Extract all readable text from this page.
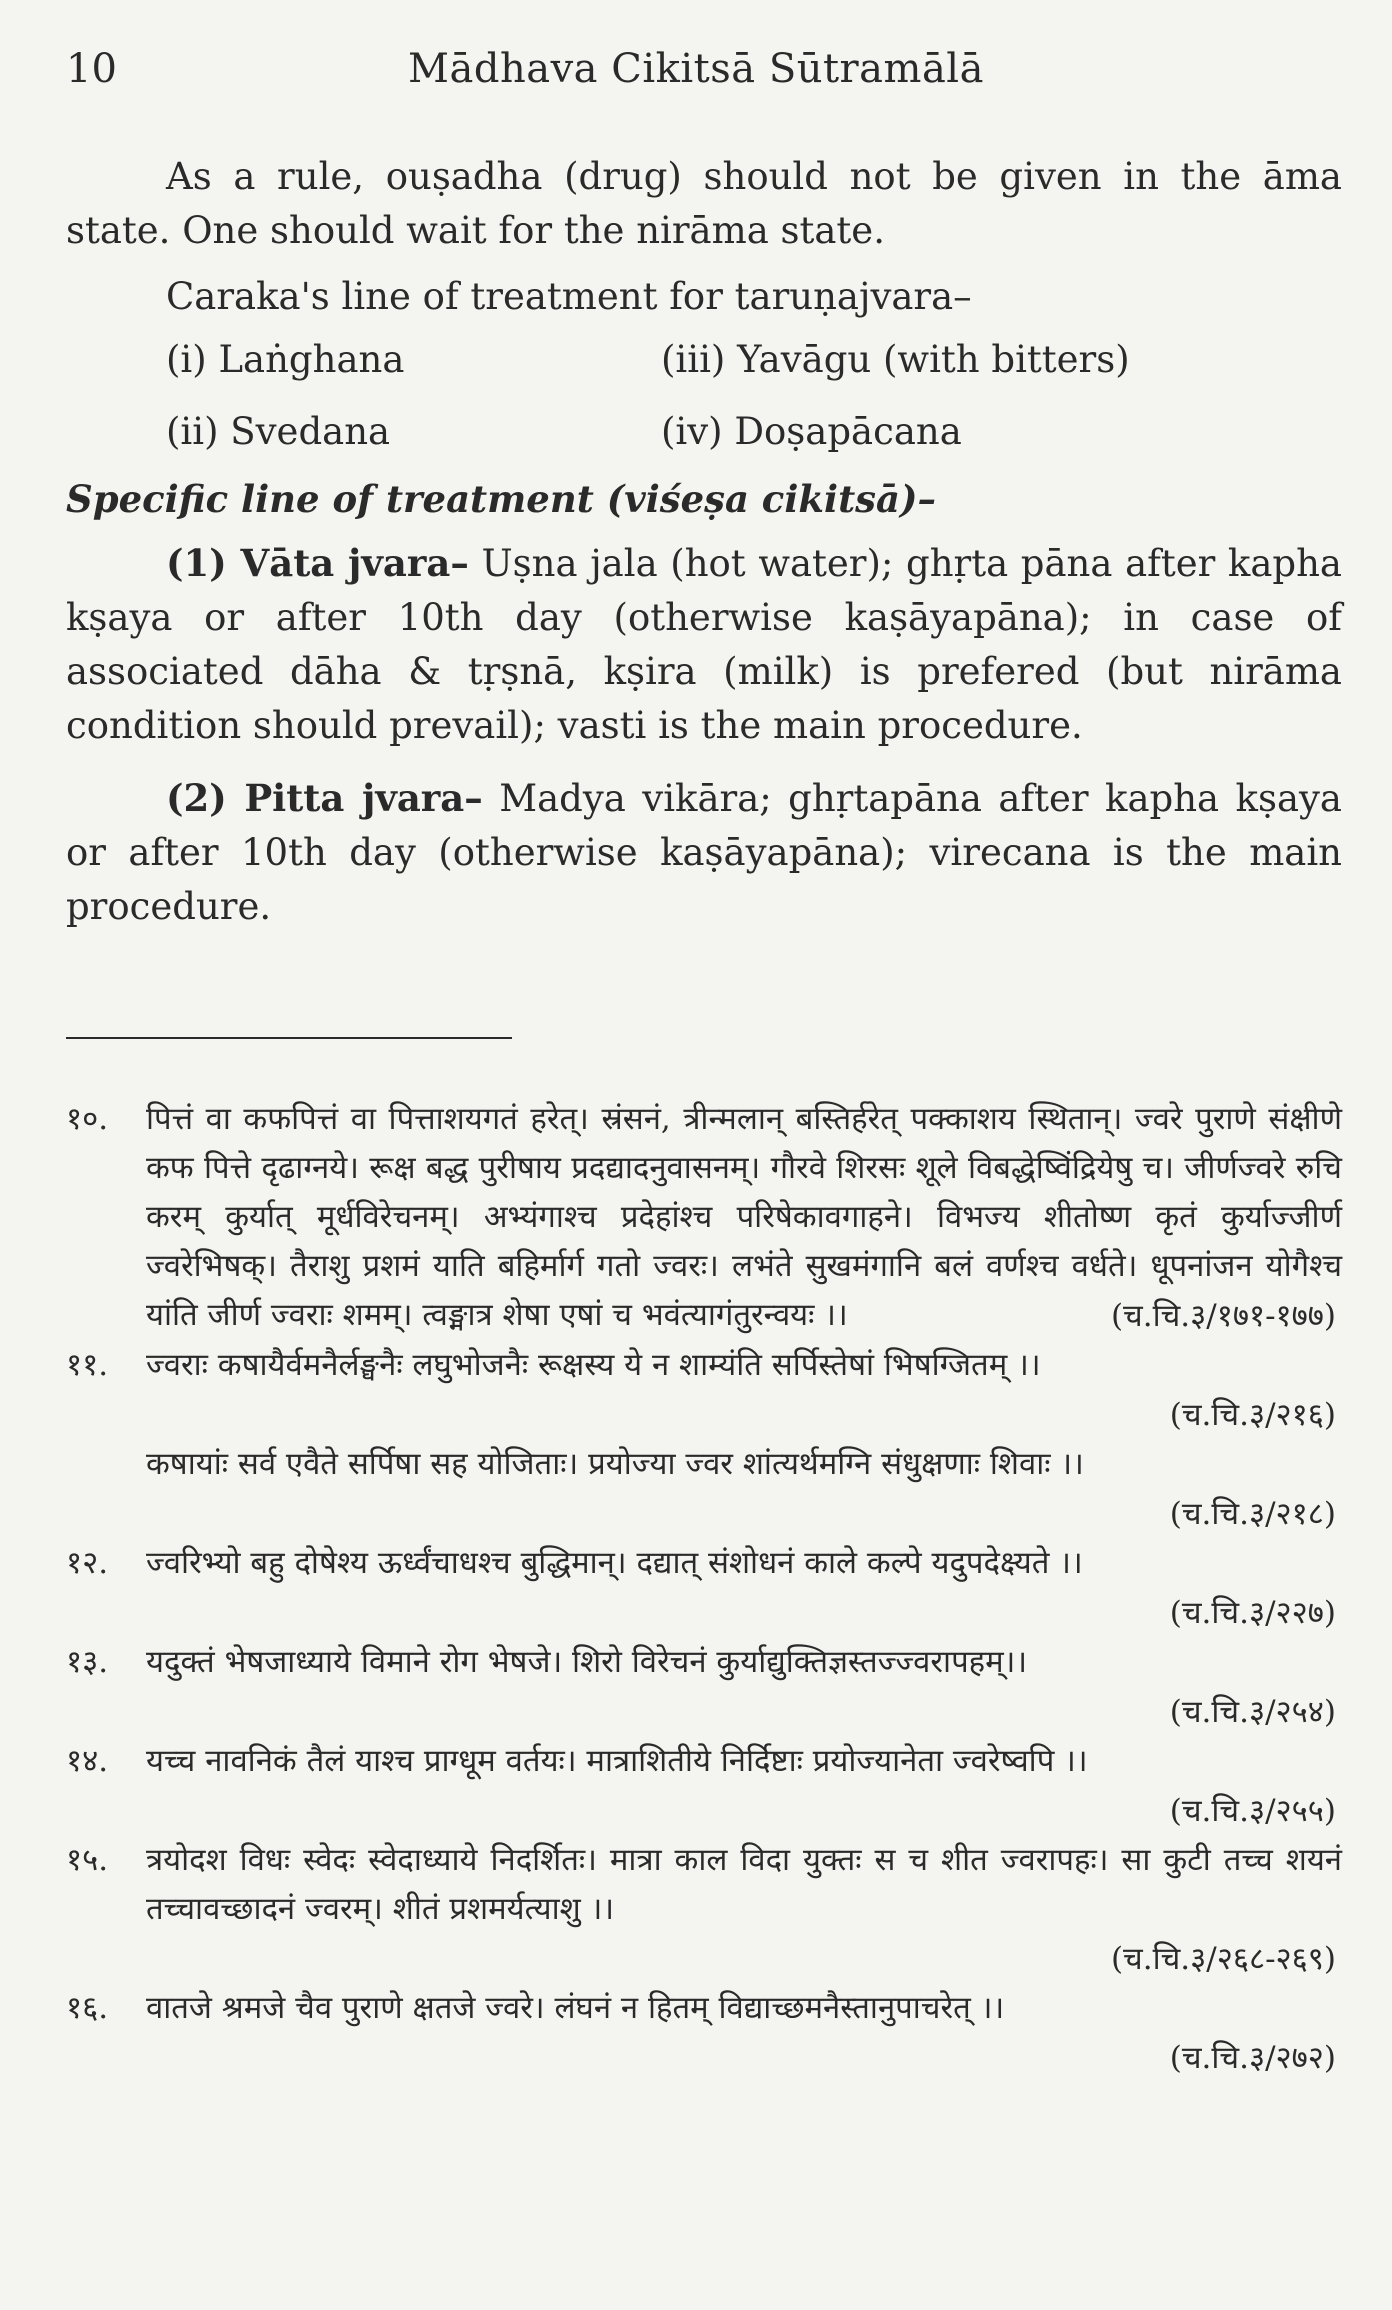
10	Mādhava Cikitsā Sūtramālā

As a rule, ouṣadha (drug) should not be given in the āma state. One should wait for the nirāma state.

Caraka's line of treatment for taruṇajvara–

(i) Laṅghana	(iii) Yavāgu (with bitters)
(ii) Svedana	(iv) Doṣapācana

Specific line of treatment (viśeṣa cikitsā)–

(1) Vāta jvara– Uṣna jala (hot water); ghṛta pāna after kapha kṣaya or after 10th day (otherwise kaṣāyapāna); in case of associated dāha & tṛṣnā, kṣira (milk) is prefered (but nirāma condition should prevail); vasti is the main procedure.

(2) Pitta jvara– Madya vikāra; ghṛtapāna after kapha kṣaya or after 10th day (otherwise kaṣāyapāna); virecana is the main procedure.

१०.	पित्तं वा कफपित्तं वा पित्ताशयगतं हरेत्। स्रंसनं, त्रीन्मलान् बस्तिर्हरेत् पक्काशय स्थितान्। ज्वरे पुराणे संक्षीणे कफ पित्ते दृढाग्नये। रूक्ष बद्ध पुरीषाय प्रदद्यादनुवासनम्। गौरवे शिरसः शूले विबद्धेष्विंद्रियेषु च। जीर्णज्वरे रुचि करम् कुर्यात् मूर्धविरेचनम्। अभ्यंगाश्च प्रदेहांश्च परिषेकावगाहने। विभज्य शीतोष्ण कृतं कुर्याज्जीर्ण ज्वरेभिषक्। तैराशु प्रशमं याति बहिर्मार्ग गतो ज्वरः। लभंते सुखमंगानि बलं वर्णश्च वर्धते। धूपनांजन योगैश्च यांति जीर्ण ज्वराः शमम्। त्वङ्मात्र शेषा एषां च भवंत्यागंतुरन्वयः ।।	(च.चि.३/१७१-१७७)
११.	ज्वराः कषायैर्वमनैर्लङ्घनैः लघुभोजनैः रूक्षस्य ये न शाम्यंति सर्पिस्तेषां भिषग्जितम् ।।
(च.चि.३/२१६)
कषायांः सर्व एवैते सर्पिषा सह योजिताः। प्रयोज्या ज्वर शांत्यर्थमग्नि संधुक्षणाः शिवाः ।।
(च.चि.३/२१८)
१२.	ज्वरिभ्यो बहु दोषेश्य ऊर्ध्वंचाधश्च बुद्धिमान्। दद्यात् संशोधनं काले कल्पे यदुपदेक्ष्यते ।।
(च.चि.३/२२७)
१३.	यदुक्तं भेषजाध्याये विमाने रोग भेषजे। शिरो विरेचनं कुर्याद्युक्तिज्ञस्तज्ज्वरापहम्।।
(च.चि.३/२५४)
१४.	यच्च नावनिकं तैलं याश्च प्राग्धूम वर्तयः। मात्राशितीये निर्दिष्टाः प्रयोज्यानेता ज्वरेष्वपि ।।
(च.चि.३/२५५)
१५.	त्रयोदश विधः स्वेदः स्वेदाध्याये निदर्शितः। मात्रा काल विदा युक्तः स च शीत ज्वरापहः। सा कुटी तच्च शयनं तच्चावच्छादनं ज्वरम्। शीतं प्रशमर्यत्याशु ।।
(च.चि.३/२६८-२६९)
१६.	वातजे श्रमजे चैव पुराणे क्षतजे ज्वरे। लंघनं न हितम् विद्याच्छमनैस्तानुपाचरेत् ।।
(च.चि.३/२७२)
